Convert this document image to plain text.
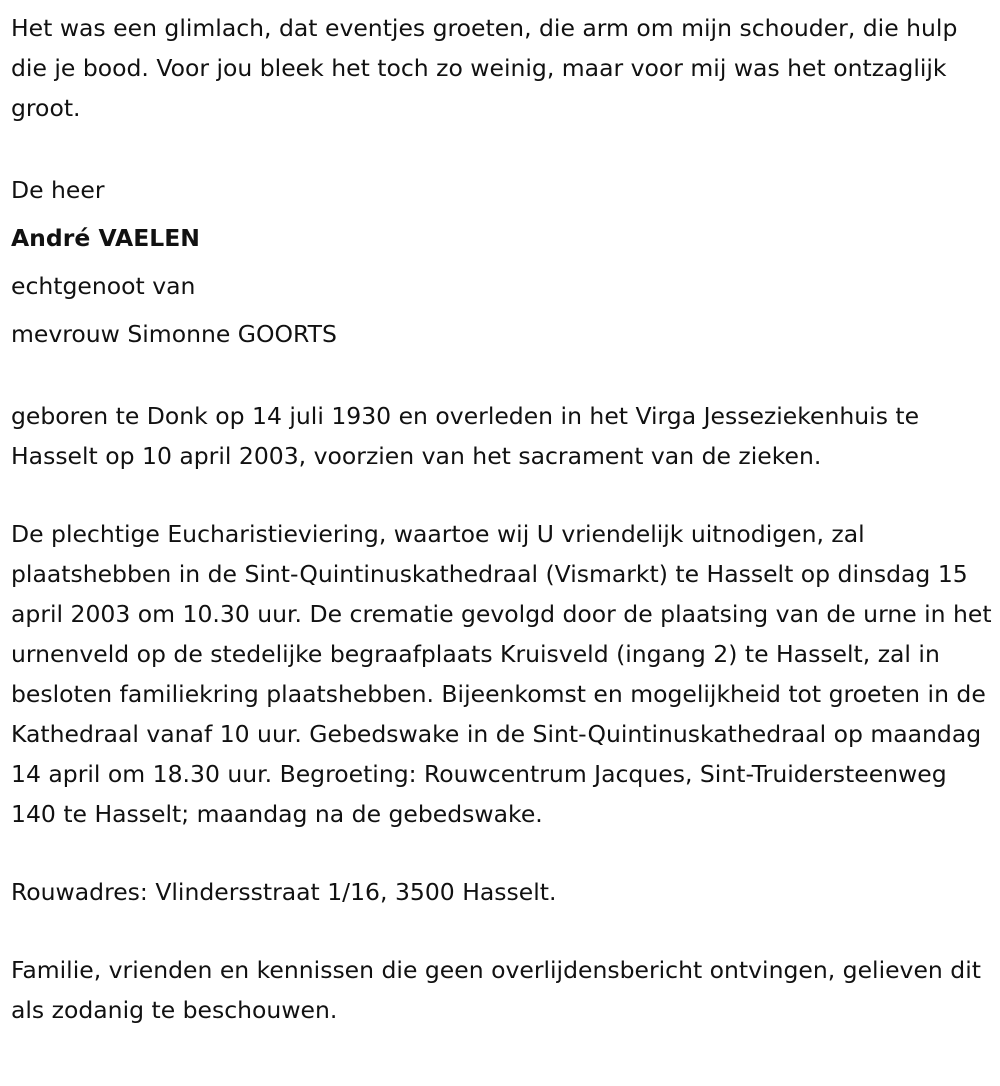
Het was een glimlach, dat eventjes groeten, die arm om mijn schouder, die hulp die je bood. Voor jou bleek het toch zo weinig, maar voor mij was het ontzaglijk groot.

De heer
André VAELEN
echtgenoot van
mevrouw Simonne GOORTS

geboren te Donk op 14 juli 1930 en overleden in het Virga Jesseziekenhuis te Hasselt op 10 april 2003, voorzien van het sacrament van de zieken.

De plechtige Eucharistieviering, waartoe wij U vriendelijk uitnodigen, zal plaatshebben in de Sint-Quintinuskathedraal (Vismarkt) te Hasselt op dinsdag 15 april 2003 om 10.30 uur. De crematie gevolgd door de plaatsing van de urne in het urnenveld op de stedelijke begraafplaats Kruisveld (ingang 2) te Hasselt, zal in besloten familiekring plaatshebben. Bijeenkomst en mogelijkheid tot groeten in de Kathedraal vanaf 10 uur. Gebedswake in de Sint-Quintinuskathedraal op maandag 14 april om 18.30 uur. Begroeting: Rouwcentrum Jacques, Sint-Truidersteenweg 140 te Hasselt; maandag na de gebedswake.

Rouwadres: Vlindersstraat 1/16, 3500 Hasselt.

Familie, vrienden en kennissen die geen overlijdensbericht ontvingen, gelieven dit als zodanig te beschouwen.
